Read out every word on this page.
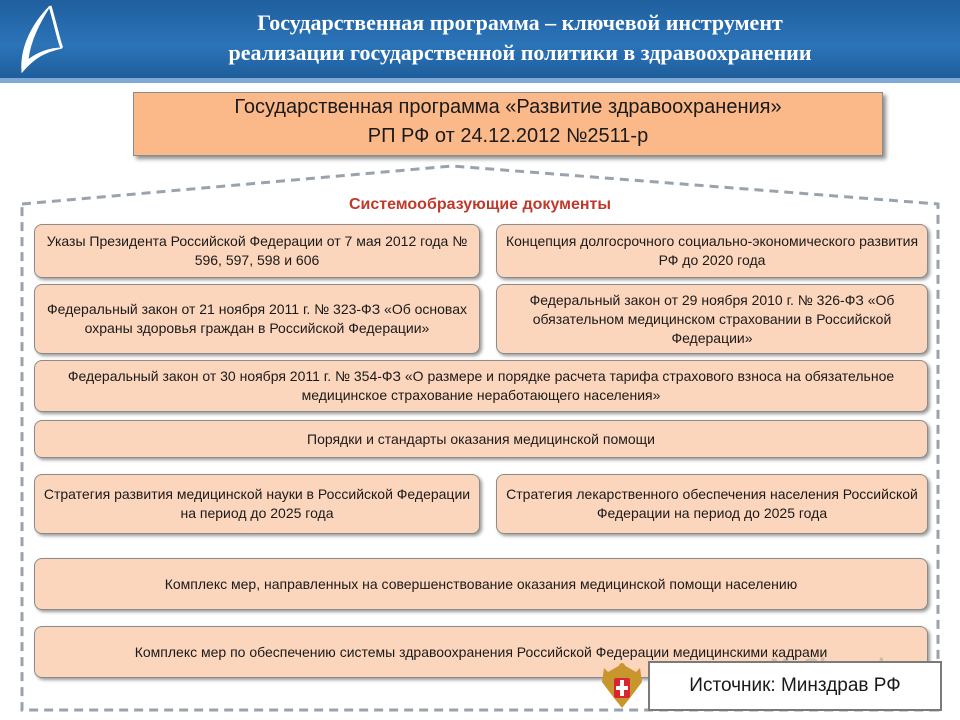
Государственная программа – ключевой инструмент
реализации государственной политики в здравоохранении
Государственная программа «Развитие здравоохранения»
РП РФ от 24.12.2012 №2511-р
Системообразующие документы
Указы Президента Российской Федерации от 7 мая 2012 года № 596, 597, 598 и 606
Концепция долгосрочного социально-экономического развития РФ до 2020 года
Федеральный закон от 21 ноября 2011 г. № 323-ФЗ «Об основах охраны здоровья граждан в Российской Федерации»
Федеральный закон от 29 ноября 2010 г. № 326-ФЗ «Об обязательном медицинском страховании в Российской Федерации»
Федеральный закон от 30 ноября 2011 г. № 354-ФЗ «О размере и порядке расчета тарифа страхового взноса на обязательное медицинское страхование неработающего населения»
Порядки и стандарты оказания медицинской помощи
Стратегия развития медицинской науки в Российской Федерации на период до 2025 года
Стратегия лекарственного обеспечения населения Российской Федерации на период до 2025 года
Комплекс мер, направленных на совершенствование оказания медицинской помощи населению
Комплекс мер по обеспечению системы здравоохранения Российской Федерации медицинскими кадрами
Источник: Минздрав РФ
